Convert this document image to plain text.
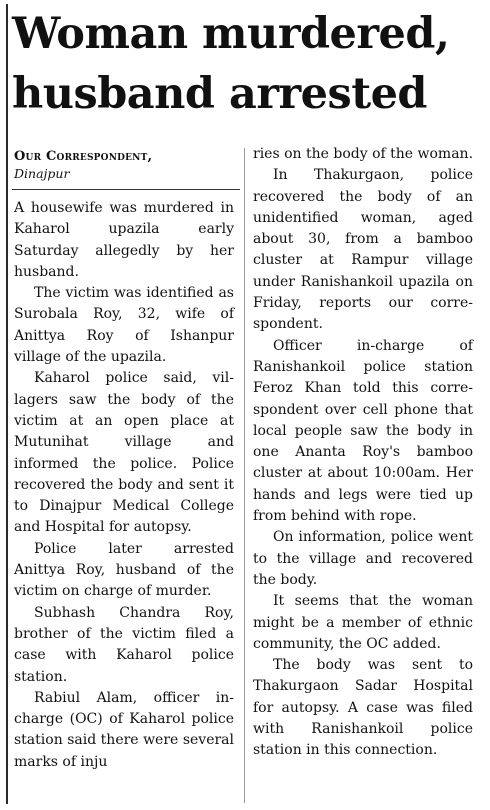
Woman murdered, husband arrested
Our Correspondent,
Dinajpur

A housewife was murdered in Kaharol upazila early Saturday allegedly by her husband.

The victim was identified as Surobala Roy, 32, wife of Anittya Roy of Ishanpur village of the upazila.

Kaharol police said, villagers saw the body of the victim at an open place at Mutunihat village and informed the police. Police recovered the body and sent it to Dinajpur Medical College and Hospital for autopsy.

Police later arrested Anittya Roy, husband of the victim on charge of murder.

Subhash Chandra Roy, brother of the victim filed a case with Kaharol police station.

Rabiul Alam, officer incharge (OC) of Kaharol police station said there were several marks of inju

ries on the body of the woman.

In Thakurgaon, police recovered the body of an unidentified woman, aged about 30, from a bamboo cluster at Rampur village under Ranishankoil upazila on Friday, reports our correspondent.

Officer in-charge of Ranishankoil police station Feroz Khan told this correspondent over cell phone that local people saw the body in one Ananta Roy's bamboo cluster at about 10:00am. Her hands and legs were tied up from behind with rope.

On information, police went to the village and recovered the body.

It seems that the woman might be a member of ethnic community, the OC added.

The body was sent to Thakurgaon Sadar Hospital for autopsy. A case was filed with Ranishankoil police station in this connection.
